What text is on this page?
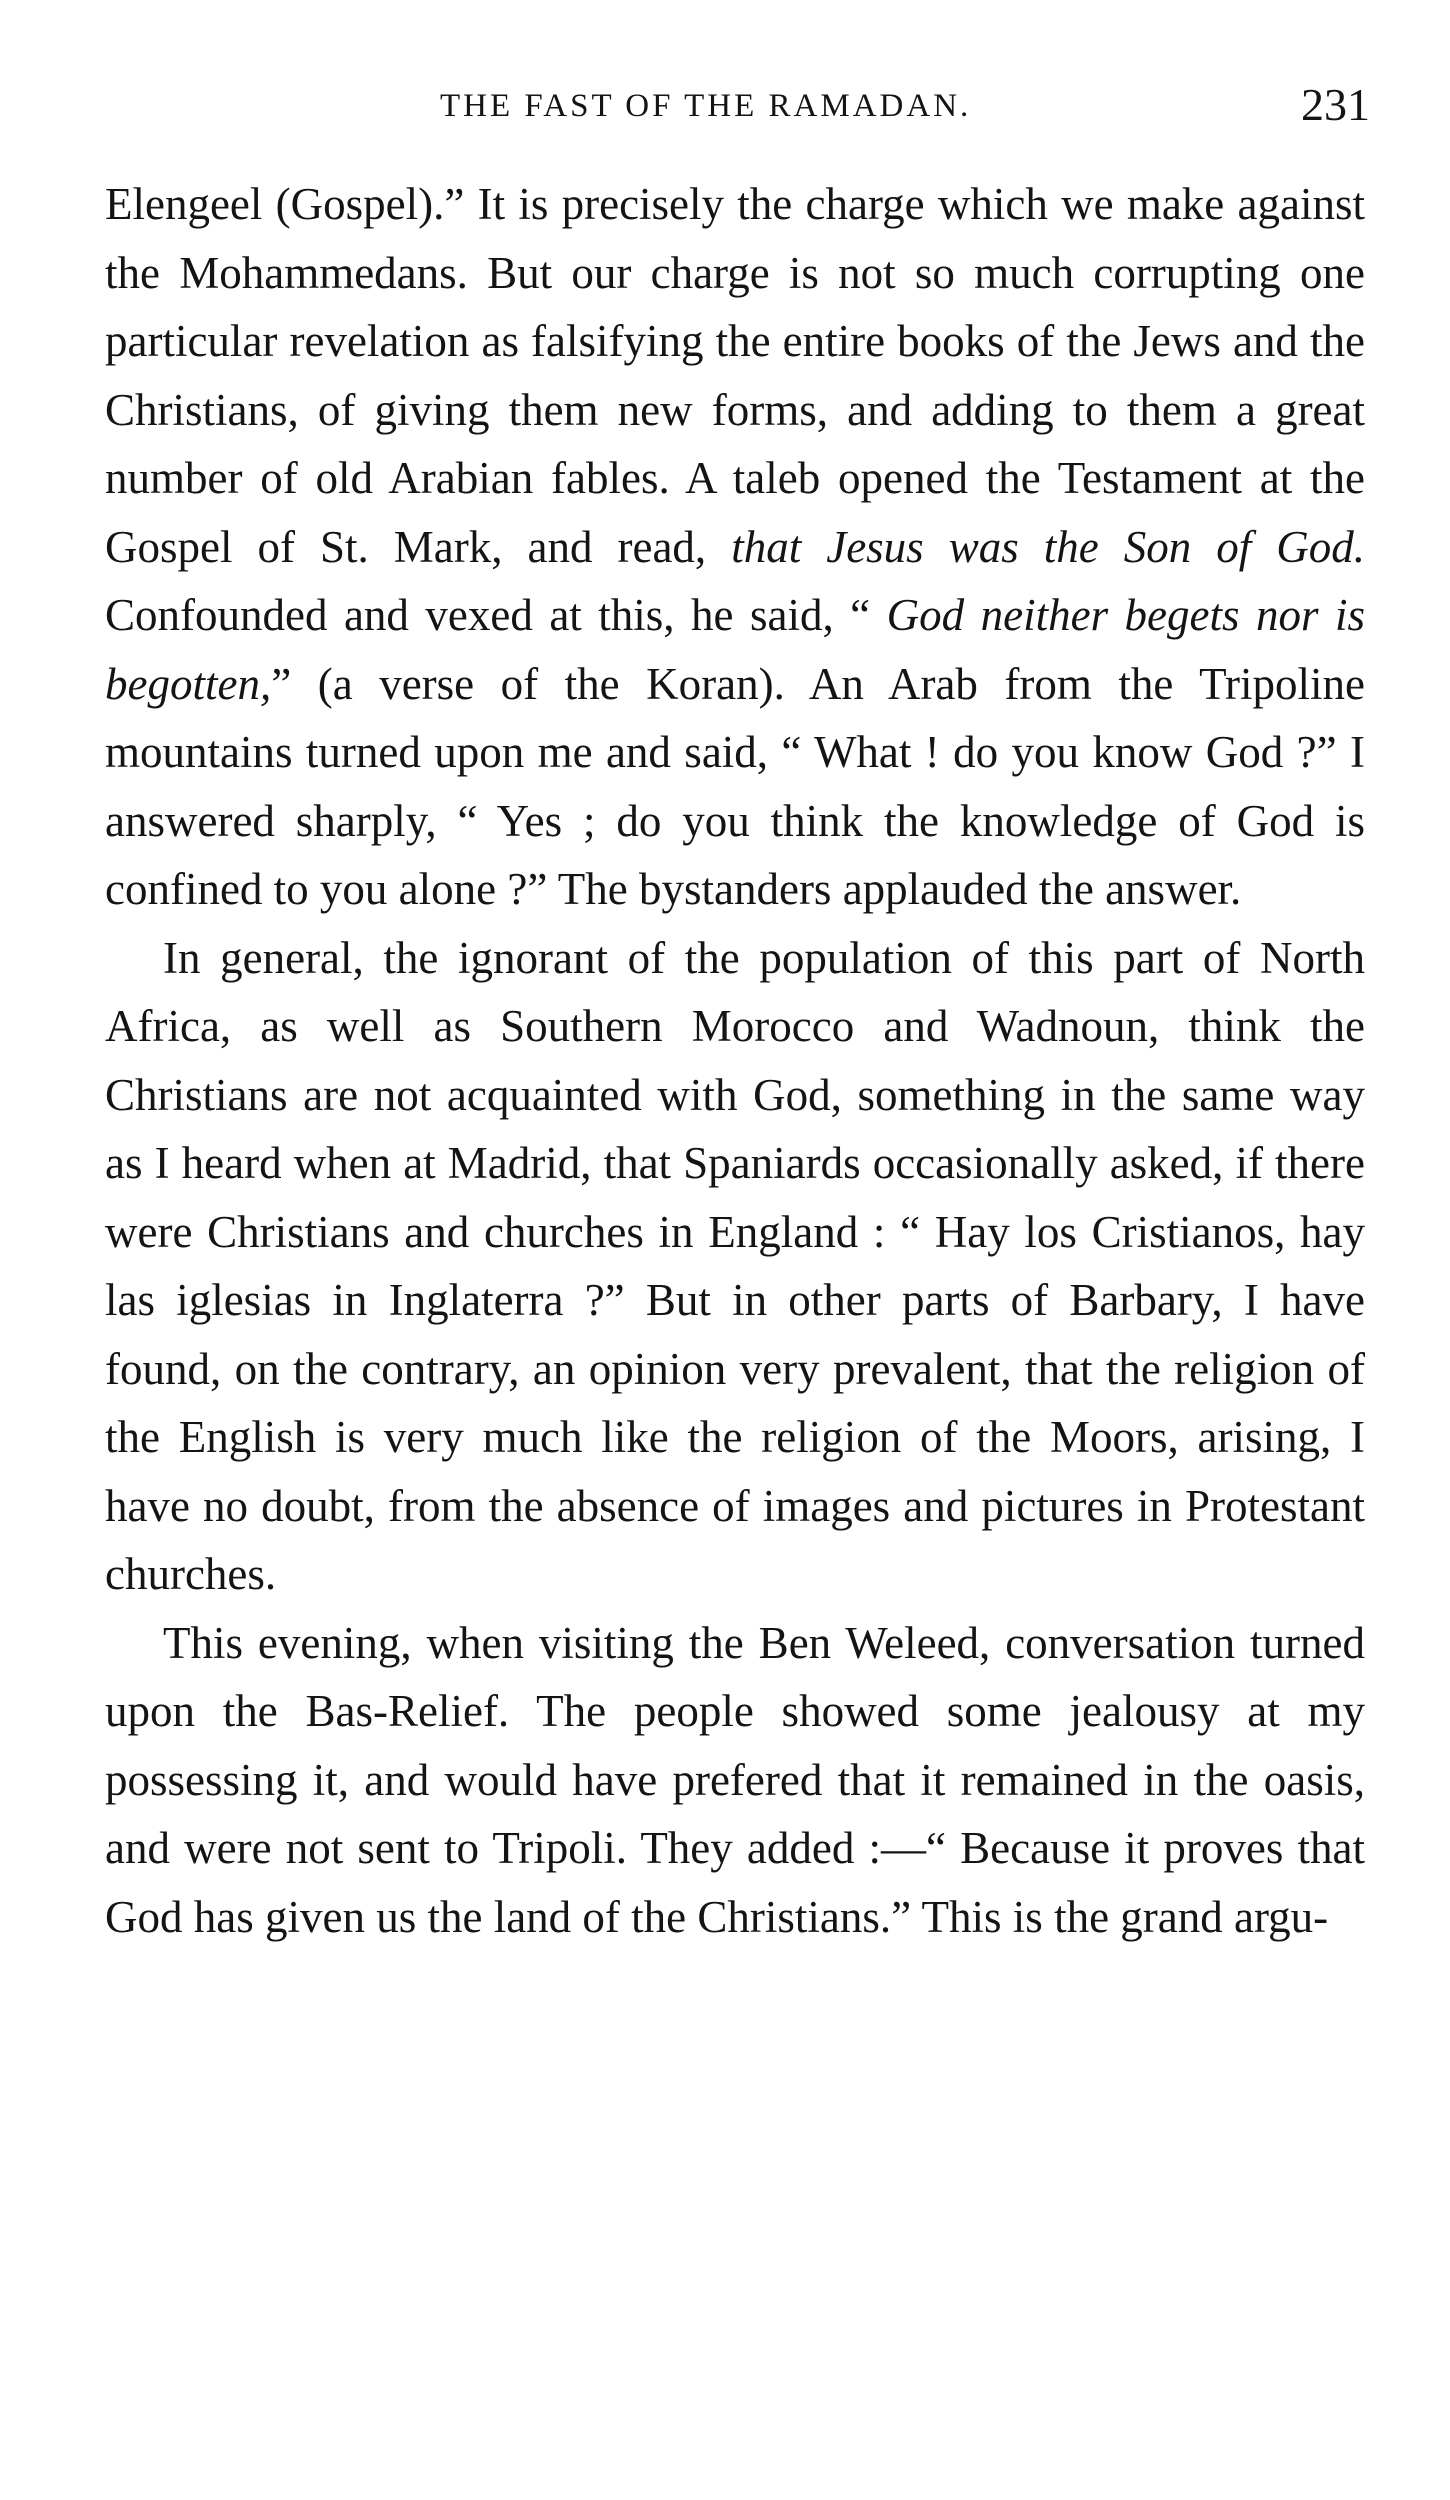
THE FAST OF THE RAMADAN.	231

Elengeel (Gospel).” It is precisely the charge which we make against the Mohammedans. But our charge is not so much corrupting one particular revelation as falsifying the entire books of the Jews and the Christians, of giving them new forms, and adding to them a great number of old Arabian fables. A taleb opened the Testament at the Gospel of St. Mark, and read, that Jesus was the Son of God. Confounded and vexed at this, he said, “ God neither begets nor is begotten,” (a verse of the Koran). An Arab from the Tripoline mountains turned upon me and said, “ What ! do you know God ?” I answered sharply, “ Yes ; do you think the knowledge of God is confined to you alone ?” The bystanders applauded the answer.

In general, the ignorant of the population of this part of North Africa, as well as Southern Morocco and Wadnoun, think the Christians are not acquainted with God, something in the same way as I heard when at Madrid, that Spaniards occasionally asked, if there were Christians and churches in England : “ Hay los Cristianos, hay las iglesias in Inglaterra ?” But in other parts of Barbary, I have found, on the contrary, an opinion very prevalent, that the religion of the English is very much like the religion of the Moors, arising, I have no doubt, from the absence of images and pictures in Protestant churches.

This evening, when visiting the Ben Weleed, conversation turned upon the Bas-Relief. The people showed some jealousy at my possessing it, and would have prefered that it remained in the oasis, and were not sent to Tripoli. They added :—“ Because it proves that God has given us the land of the Christians.” This is the grand argu-
